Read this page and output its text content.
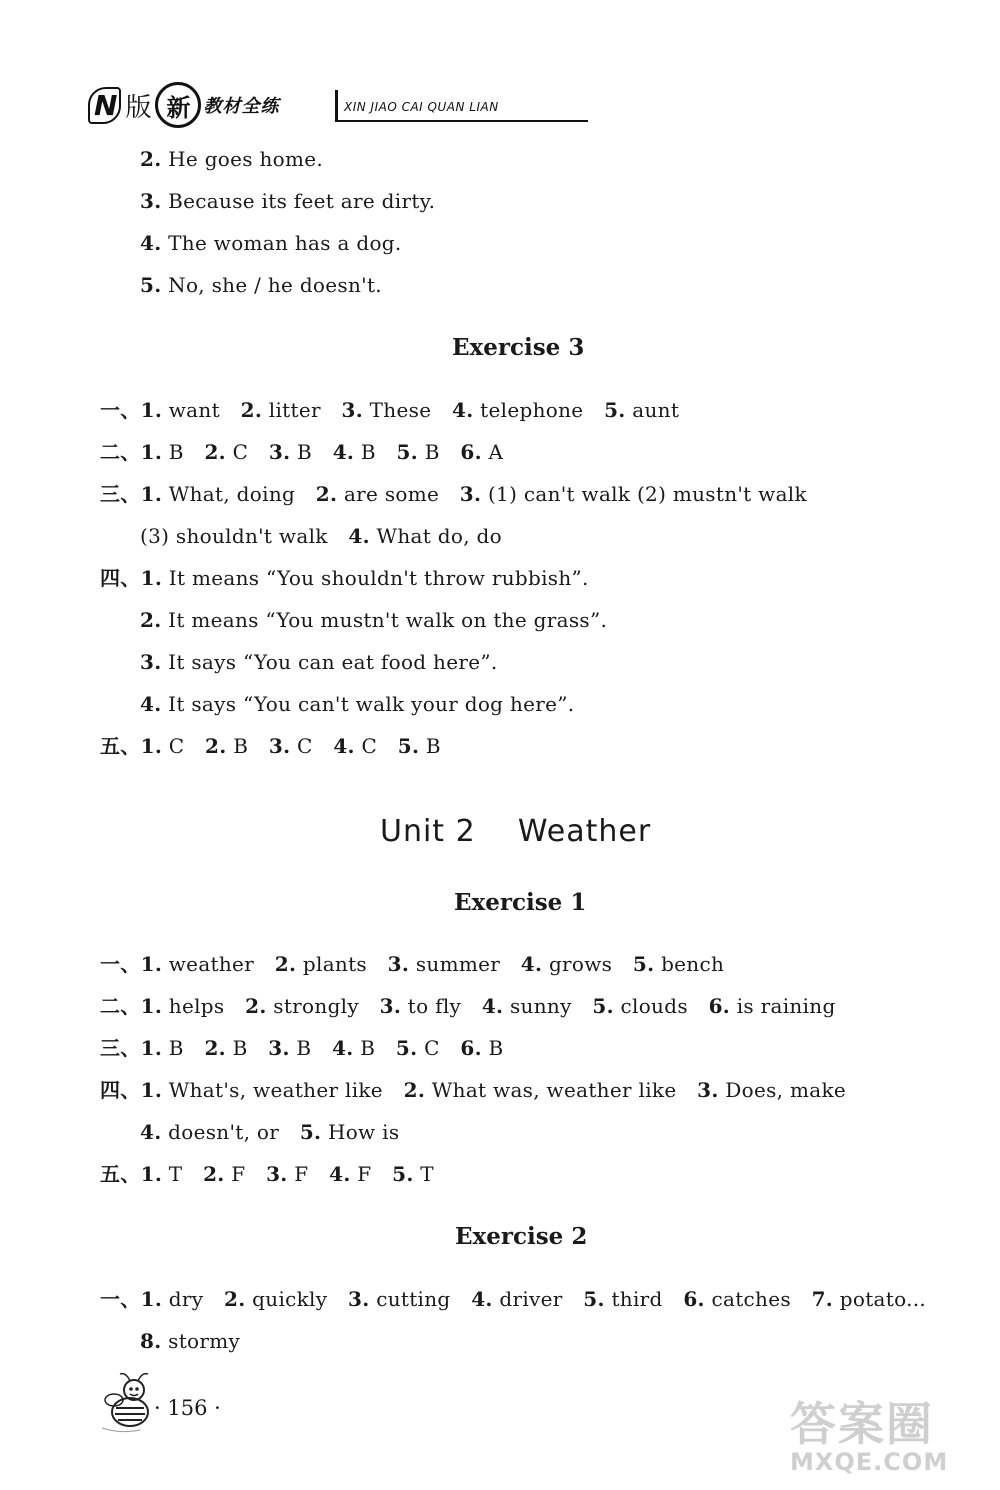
N 版 新 教材全练	XIN JIAO CAI QUAN LIAN
2. He goes home.
3. Because its feet are dirty.
4. The woman has a dog.
5. No, she / he doesn't.
Exercise 3
一、1. want 2. litter 3. These 4. telephone 5. aunt
二、1. B 2. C 3. B 4. B 5. B 6. A
三、1. What, doing 2. are some 3. (1) can't walk (2) mustn't walk
(3) shouldn't walk 4. What do, do
四、1. It means “You shouldn't throw rubbish”.
2. It means “You mustn't walk on the grass”.
3. It says “You can eat food here”.
4. It says “You can't walk your dog here”.
五、1. C 2. B 3. C 4. C 5. B
Unit 2    Weather
Exercise 1
一、1. weather 2. plants 3. summer 4. grows 5. bench
二、1. helps 2. strongly 3. to fly 4. sunny 5. clouds 6. is raining
三、1. B 2. B 3. B 4. B 5. C 6. B
四、1. What's, weather like 2. What was, weather like 3. Does, make
4. doesn't, or 5. How is
五、1. T 2. F 3. F 4. F 5. T
Exercise 2
一、1. dry 2. quickly 3. cutting 4. driver 5. third 6. catches 7. potato...
8. stormy
· 156 ·	答案圈
MXQE.COM
